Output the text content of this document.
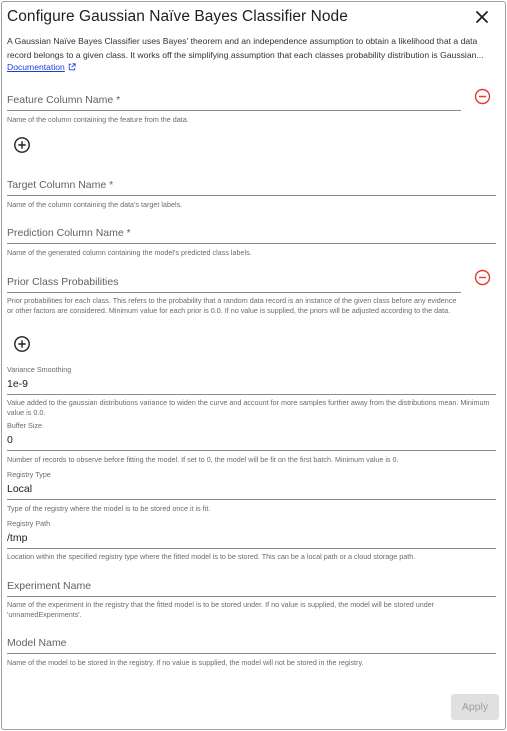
Configure Gaussian Naïve Bayes Classifier Node
A Gaussian Naïve Bayes Classifier uses Bayes' theorem and an independence assumption to obtain a likelihood that a data record belongs to a given class. It works off the simplifying assumption that each classes probability distribution is Gaussian...
Documentation
Feature Column Name *
Name of the column containing the feature from the data.
Target Column Name *
Name of the column containing the data's target labels.
Prediction Column Name *
Name of the generated column containing the model's predicted class labels.
Prior Class Probabilities
Prior probabilities for each class. This refers to the probability that a random data record is an instance of the given class before any evidence or other factors are considered. Minimum value for each prior is 0.0. If no value is supplied, the priors will be adjusted according to the data.
Variance Smoothing
1e-9
Value added to the gaussian distributions variance to widen the curve and account for more samples further away from the distributions mean. Minimum value is 0.0.
Buffer Size
0
Number of records to observe before fitting the model. If set to 0, the model will be fit on the first batch. Minimum value is 0.
Registry Type
Local
Type of the registry where the model is to be stored once it is fit.
Registry Path
/tmp
Location within the specified registry type where the fitted model is to be stored. This can be a local path or a cloud storage path.
Experiment Name
Name of the experiment in the registry that the fitted model is to be stored under. If no value is supplied, the model will be stored under 'unnamedExperiments'.
Model Name
Name of the model to be stored in the registry. If no value is supplied, the model will not be stored in the registry.
Apply
